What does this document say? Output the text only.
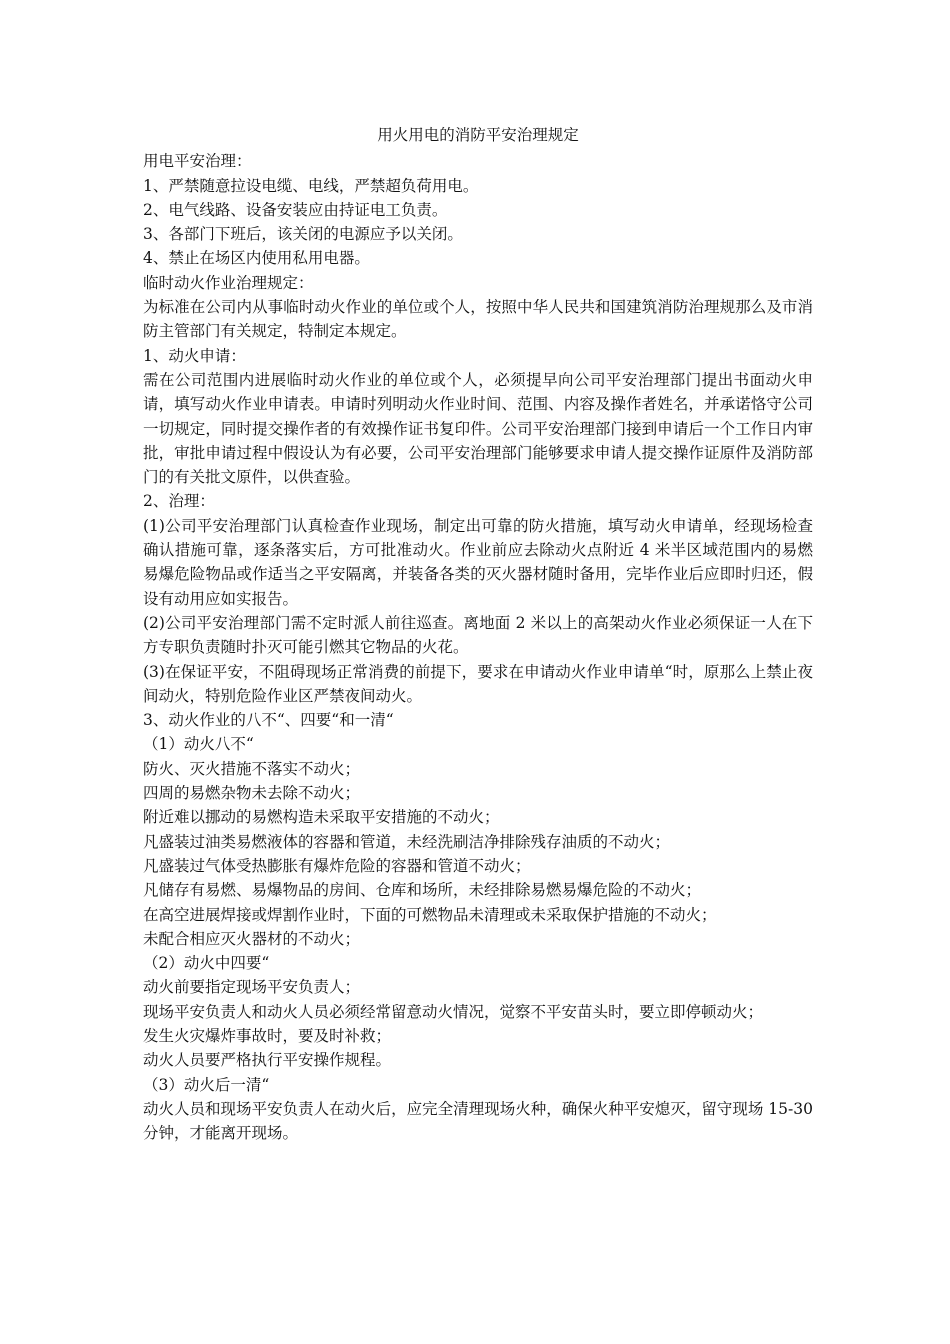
用火用电的消防平安治理规定

用电平安治理：

1、严禁随意拉设电缆、电线，严禁超负荷用电。

2、电气线路、设备安装应由持证电工负责。

3、各部门下班后，该关闭的电源应予以关闭。

4、禁止在场区内使用私用电器。

临时动火作业治理规定：

为标准在公司内从事临时动火作业的单位或个人，按照中华人民共和国建筑消防治理规那么及市消防主管部门有关规定，特制定本规定。

1、动火申请：

需在公司范围内进展临时动火作业的单位或个人，必须提早向公司平安治理部门提出书面动火申请，填写动火作业申请表。申请时列明动火作业时间、范围、内容及操作者姓名，并承诺恪守公司一切规定，同时提交操作者的有效操作证书复印件。公司平安治理部门接到申请后一个工作日内审批，审批申请过程中假设认为有必要，公司平安治理部门能够要求申请人提交操作证原件及消防部门的有关批文原件，以供查验。

2、治理：

(1)公司平安治理部门认真检查作业现场，制定出可靠的防火措施，填写动火申请单，经现场检查确认措施可靠，逐条落实后，方可批准动火。作业前应去除动火点附近 4 米半区域范围内的易燃易爆危险物品或作适当之平安隔离，并装备各类的灭火器材随时备用，完毕作业后应即时归还，假设有动用应如实报告。

(2)公司平安治理部门需不定时派人前往巡查。离地面 2 米以上的高架动火作业必须保证一人在下方专职负责随时扑灭可能引燃其它物品的火花。

(3)在保证平安，不阻碍现场正常消费的前提下，要求在申请动火作业申请单“时，原那么上禁止夜间动火，特别危险作业区严禁夜间动火。

3、动火作业的八不“、四要“和一清“

（1）动火八不“

防火、灭火措施不落实不动火；

四周的易燃杂物未去除不动火；

附近难以挪动的易燃构造未采取平安措施的不动火；

凡盛装过油类易燃液体的容器和管道，未经洗刷洁净排除残存油质的不动火；

凡盛装过气体受热膨胀有爆炸危险的容器和管道不动火；

凡储存有易燃、易爆物品的房间、仓库和场所，未经排除易燃易爆危险的不动火；

在高空进展焊接或焊割作业时，下面的可燃物品未清理或未采取保护措施的不动火；

未配合相应灭火器材的不动火；

（2）动火中四要“

动火前要指定现场平安负责人；

现场平安负责人和动火人员必须经常留意动火情况，觉察不平安苗头时，要立即停顿动火；

发生火灾爆炸事故时，要及时补救；

动火人员要严格执行平安操作规程。

（3）动火后一清“

动火人员和现场平安负责人在动火后，应完全清理现场火种，确保火种平安熄灭，留守现场 15-30 分钟，才能离开现场。
